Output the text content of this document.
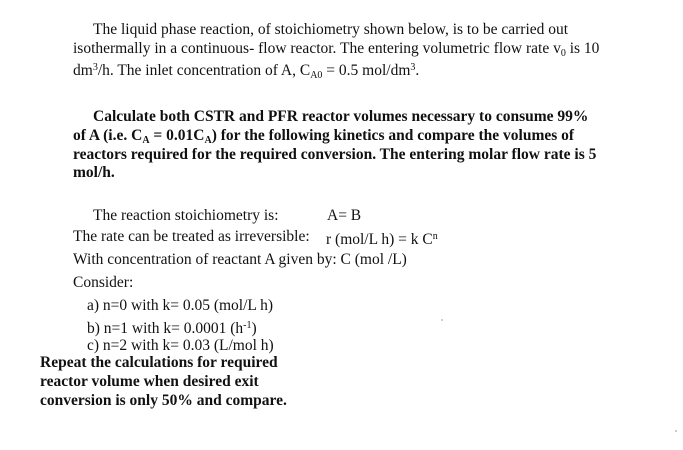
The liquid phase reaction, of stoichiometry shown below, is to be carried out
isothermally in a continuous- flow reactor. The entering volumetric flow rate $v_0$ is 10
$dm^3/h$. The inlet concentration of A, $C_{A0} = 0.5$ mol/$dm^3$.
Calculate both CSTR and PFR reactor volumes necessary to consume 99%
of A (i.e. $C_A = 0.01C_A$) for the following kinetics and compare the volumes of
reactors required for the required conversion. The entering molar flow rate is 5
mol/h.
The reaction stoichiometry is:	A= B
The rate can be treated as irreversible: r (mol/L h) = k $C^n$
With concentration of reactant A given by: C (mol /L)
Consider:
a) n=0 with k= 0.05 (mol/L h)
b) n=1 with k= 0.0001 $(h^{-1})$
c) n=2 with k= 0.03 (L/mol h)
Repeat the calculations for required
reactor volume when desired exit
conversion is only 50% and compare.
